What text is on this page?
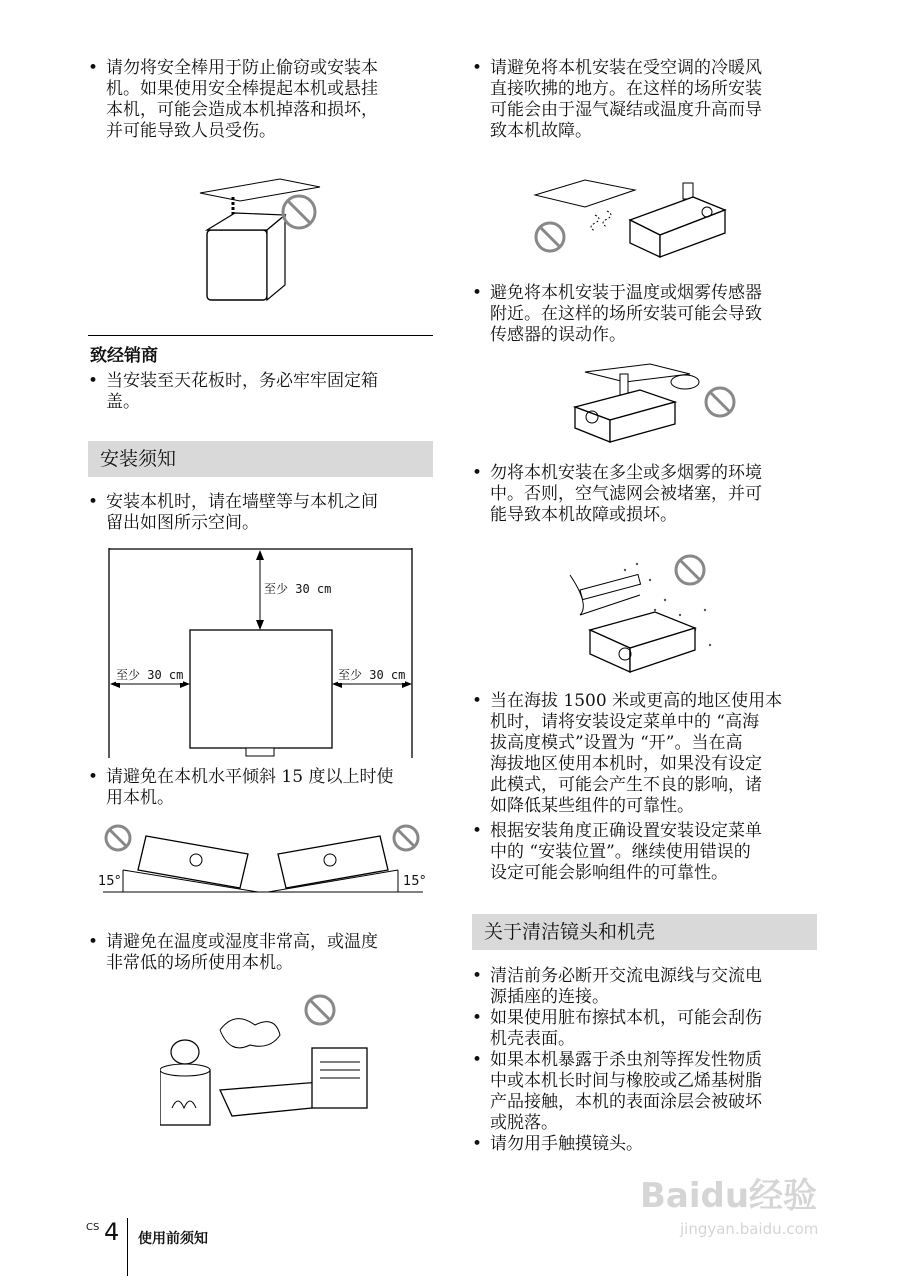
• 请勿将安全棒用于防止偷窃或安装本
机。如果使用安全棒提起本机或悬挂
本机，可能会造成本机掉落和损坏，
并可能导致人员受伤。
致经销商
• 当安装至天花板时，务必牢牢固定箱
盖。
安装须知
• 安装本机时，请在墙壁等与本机之间
留出如图所示空间。
至少 30 cm
至少 30 cm	至少 30 cm
• 请避免在本机水平倾斜 15 度以上时使
用本机。
15°	15°
• 请避免在温度或湿度非常高，或温度
非常低的场所使用本机。
• 请避免将本机安装在受空调的冷暖风
直接吹拂的地方。在这样的场所安装
可能会由于湿气凝结或温度升高而导
致本机故障。
• 避免将本机安装于温度或烟雾传感器
附近。在这样的场所安装可能会导致
传感器的误动作。
• 勿将本机安装在多尘或多烟雾的环境
中。否则，空气滤网会被堵塞，并可
能导致本机故障或损坏。
• 当在海拔 1500 米或更高的地区使用本
机时，请将安装设定菜单中的 “高海
拔高度模式”设置为 “开”。当在高
海拔地区使用本机时，如果没有设定
此模式，可能会产生不良的影响，诸
如降低某些组件的可靠性。
• 根据安装角度正确设置安装设定菜单
中的 “安装位置”。继续使用错误的
设定可能会影响组件的可靠性。
关于清洁镜头和机壳
• 清洁前务必断开交流电源线与交流电
源插座的连接。
• 如果使用脏布擦拭本机，可能会刮伤
机壳表面。
• 如果本机暴露于杀虫剂等挥发性物质
中或本机长时间与橡胶或乙烯基树脂
产品接触，本机的表面涂层会被破坏
或脱落。
• 请勿用手触摸镜头。
CS 4 使用前须知
Baidu经验
jingyan.baidu.com
